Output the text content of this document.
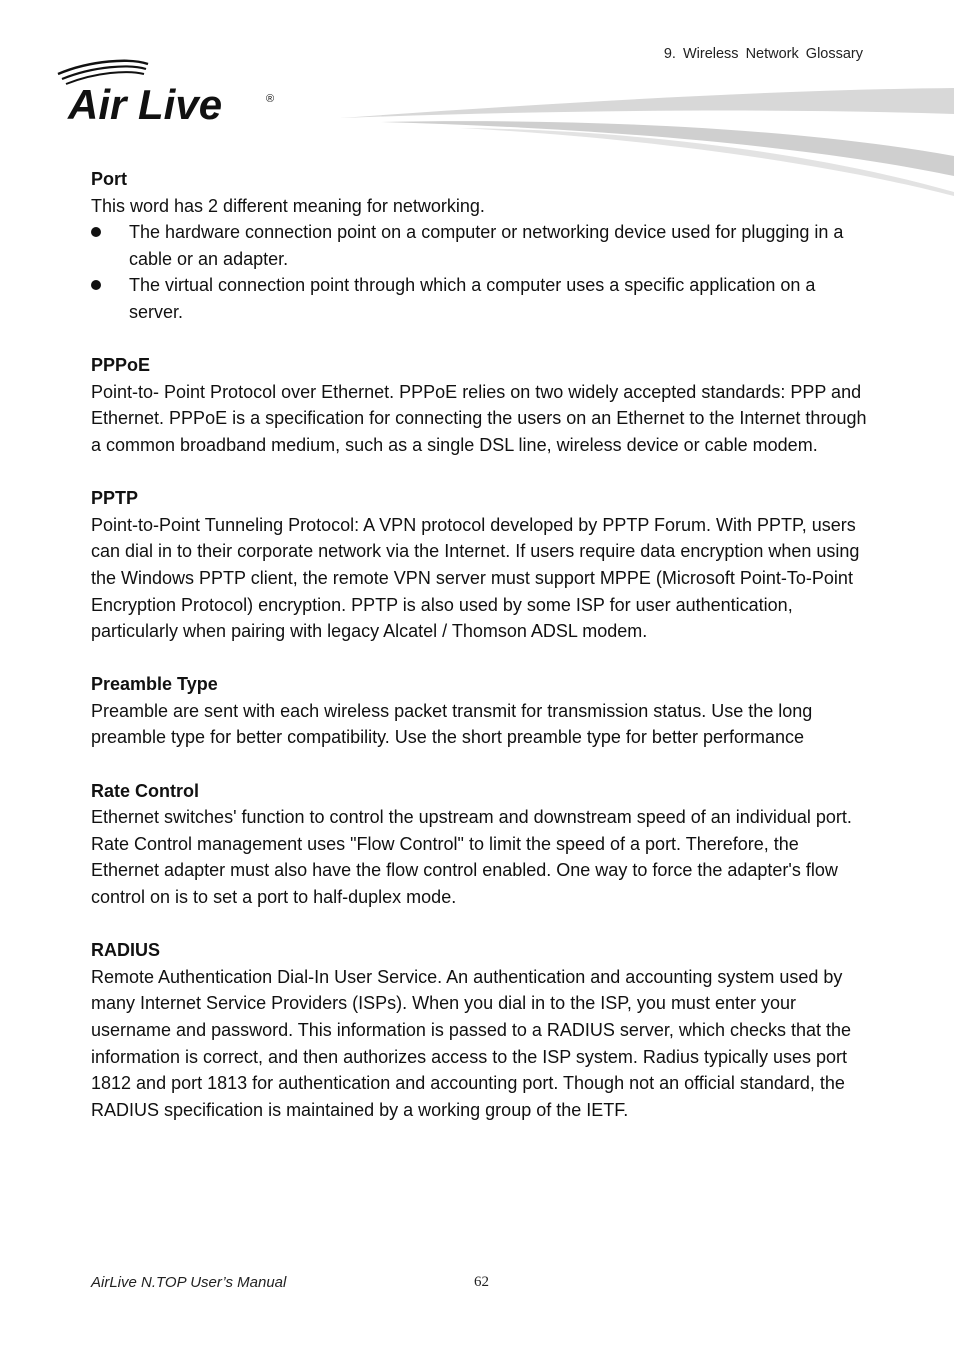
9. Wireless Network Glossary
Air Live	®
Port

This word has 2 different meaning for networking.

The hardware connection point on a computer or networking device used for plugging in a cable or an adapter.
The virtual connection point through which a computer uses a specific application on a server.
PPPoE

Point-to- Point Protocol over Ethernet. PPPoE relies on two widely accepted standards: PPP and Ethernet. PPPoE is a specification for connecting the users on an Ethernet to the Internet through a common broadband medium, such as a single DSL line, wireless device or cable modem.

PPTP

Point-to-Point Tunneling Protocol: A VPN protocol developed by PPTP Forum. With PPTP, users can dial in to their corporate network via the Internet. If users require data encryption when using the Windows PPTP client, the remote VPN server must support MPPE (Microsoft Point-To-Point Encryption Protocol) encryption. PPTP is also used by some ISP for user authentication, particularly when pairing with legacy Alcatel / Thomson ADSL modem.

Preamble Type

Preamble are sent with each wireless packet transmit for transmission status. Use the long preamble type for better compatibility. Use the short preamble type for better performance

Rate Control

Ethernet switches' function to control the upstream and downstream speed of an individual port. Rate Control management uses "Flow Control" to limit the speed of a port. Therefore, the Ethernet adapter must also have the flow control enabled. One way to force the adapter's flow control on is to set a port to half-duplex mode.

RADIUS

Remote Authentication Dial-In User Service. An authentication and accounting system used by many Internet Service Providers (ISPs). When you dial in to the ISP, you must enter your username and password. This information is passed to a RADIUS server, which checks that the information is correct, and then authorizes access to the ISP system. Radius typically uses port 1812 and port 1813 for authentication and accounting port. Though not an official standard, the RADIUS specification is maintained by a working group of the IETF.

AirLive N.TOP User’s Manual	62
